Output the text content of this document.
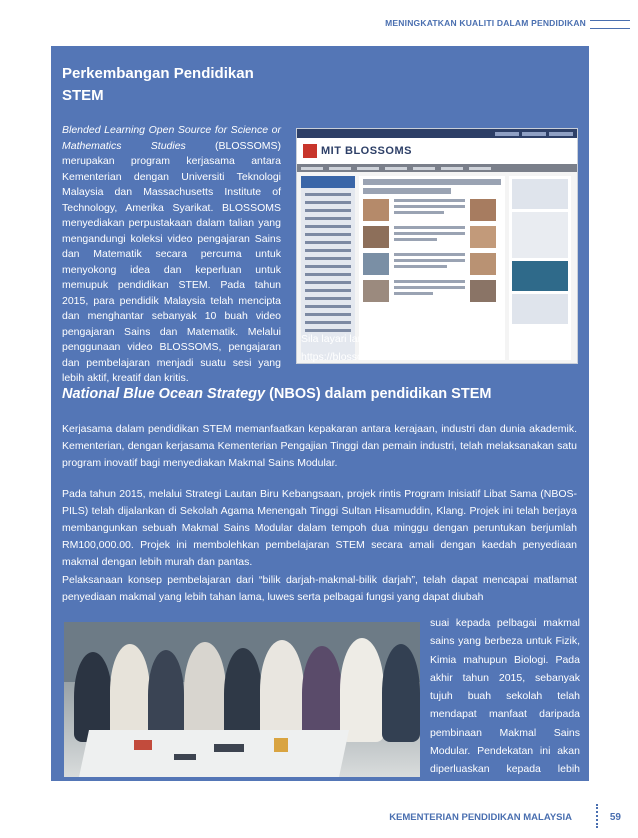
MENINGKATKAN KUALITI DALAM PENDIDIKAN
Perkembangan Pendidikan STEM

Blended Learning Open Source for Science or Mathematics Studies (BLOSSOMS) merupakan program kerjasama antara Kementerian dengan Universiti Teknologi Malaysia dan Massachusetts Institute of Technology, Amerika Syarikat. BLOSSOMS menyediakan perpustakaan dalam talian yang mengandungi koleksi video pengajaran Sains dan Matematik secara percuma untuk menyokong idea dan keperluan untuk memupuk pendidikan STEM. Pada tahun 2015, para pendidik Malaysia telah mencipta dan menghantar sebanyak 10 buah video pengajaran Sains dan Matematik. Melalui penggunaan video BLOSSOMS, pengajaran dan pembelajaran menjadi suatu sesi yang lebih aktif, kreatif dan kritis.

MIT BLOSSOMS

Sila layari laman web BLOSSOMS di https://blossoms.mit.edu/

National Blue Ocean Strategy (NBOS) dalam pendidikan STEM

Kerjasama dalam pendidikan STEM memanfaatkan kepakaran antara kerajaan, industri dan dunia akademik. Kementerian, dengan kerjasama Kementerian Pengajian Tinggi dan pemain industri, telah melaksanakan satu program inovatif bagi menyediakan Makmal Sains Modular.

Pada tahun 2015, melalui Strategi Lautan Biru Kebangsaan, projek rintis Program Inisiatif Libat Sama (NBOS-PILS) telah dijalankan di Sekolah Agama Menengah Tinggi Sultan Hisamuddin, Klang. Projek ini telah berjaya membangunkan sebuah Makmal Sains Modular dalam tempoh dua minggu dengan peruntukan berjumlah RM100,000.00. Projek ini membolehkan pembelajaran STEM secara amali dengan kaedah penyediaan makmal dengan lebih murah dan pantas.

Pelaksanaan konsep pembelajaran dari “bilik darjah-makmal-bilik darjah”, telah dapat mencapai matlamat penyediaan makmal yang lebih tahan lama, luwes serta pelbagai fungsi yang dapat diubah

suai kepada pelbagai makmal sains yang berbeza untuk Fizik, Kimia mahupun Biologi. Pada akhir tahun 2015, sebanyak tujuh buah sekolah telah mendapat manfaat daripada pembinaan Makmal Sains Modular. Pendekatan ini akan diperluaskan kepada lebih banyak sekolah.

KEMENTERIAN PENDIDIKAN MALAYSIA	59
